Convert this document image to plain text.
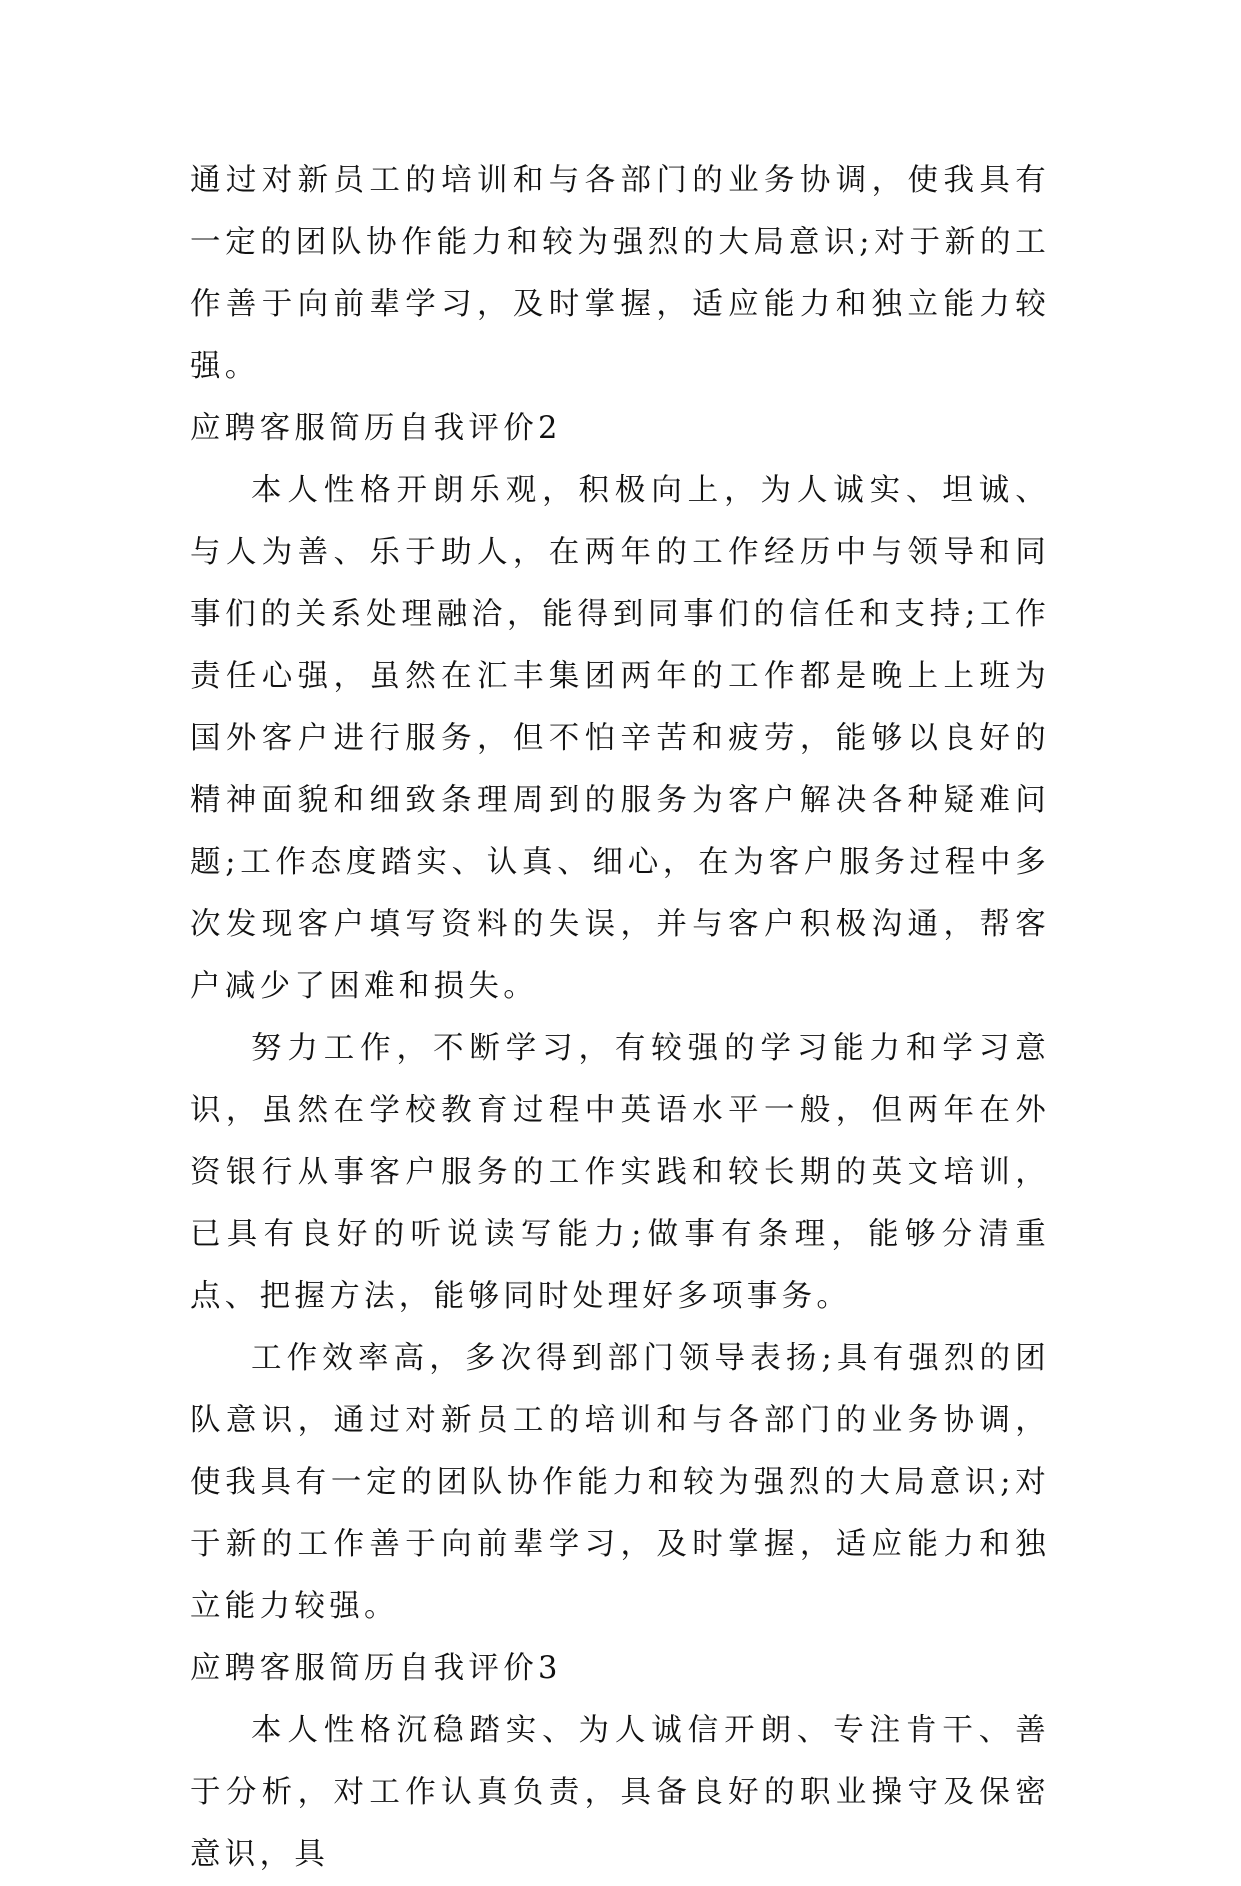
通过对新员工的培训和与各部门的业务协调，使我具有一定的团队协作能力和较为强烈的大局意识;对于新的工作善于向前辈学习，及时掌握，适应能力和独立能力较强。

应聘客服简历自我评价2

本人性格开朗乐观，积极向上，为人诚实、坦诚、与人为善、乐于助人，在两年的工作经历中与领导和同事们的关系处理融洽，能得到同事们的信任和支持;工作责任心强，虽然在汇丰集团两年的工作都是晚上上班为国外客户进行服务，但不怕辛苦和疲劳，能够以良好的精神面貌和细致条理周到的服务为客户解决各种疑难问题;工作态度踏实、认真、细心，在为客户服务过程中多次发现客户填写资料的失误，并与客户积极沟通，帮客户减少了困难和损失。

努力工作，不断学习，有较强的学习能力和学习意识，虽然在学校教育过程中英语水平一般，但两年在外资银行从事客户服务的工作实践和较长期的英文培训，已具有良好的听说读写能力;做事有条理，能够分清重点、把握方法，能够同时处理好多项事务。

工作效率高，多次得到部门领导表扬;具有强烈的团队意识，通过对新员工的培训和与各部门的业务协调，使我具有一定的团队协作能力和较为强烈的大局意识;对于新的工作善于向前辈学习，及时掌握，适应能力和独立能力较强。

应聘客服简历自我评价3

本人性格沉稳踏实、为人诚信开朗、专注肯干、善于分析，对工作认真负责，具备良好的职业操守及保密意识，具
